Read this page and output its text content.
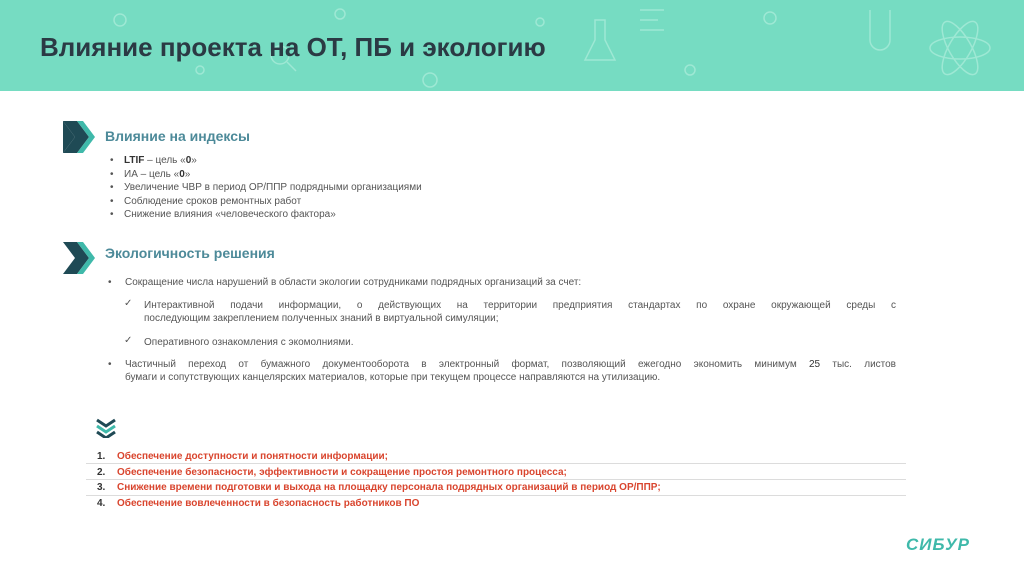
Влияние проекта на ОТ, ПБ и экологию
Влияние на индексы
• LTIF – цель «0»
• ИА – цель «0»
• Увеличение ЧВР в период ОР/ППР подрядными организациями
• Соблюдение сроков ремонтных работ
• Снижение влияния «человеческого фактора»
Экологичность решения
• Сокращение числа нарушений в области экологии сотрудниками подрядных организаций за счет:
✓ Интерактивной подачи информации, о действующих на территории предприятия стандартах по охране окружающей среды с
последующим закреплением полученных знаний в виртуальной симуляции;
✓ Оперативного ознакомления с экомолниями.
• Частичный переход от бумажного документооборота в электронный формат, позволяющий ежегодно экономить минимум 25 тыс. листов
бумаги и сопутствующих канцелярских материалов, которые при текущем процессе направляются на утилизацию.
1. Обеспечение доступности и понятности информации;
2. Обеспечение безопасности, эффективности и сокращение простоя ремонтного процесса;
3. Снижение времени подготовки и выхода на площадку персонала подрядных организаций в период ОР/ППР;
4. Обеспечение вовлеченности в безопасность работников ПО
СИБУР
